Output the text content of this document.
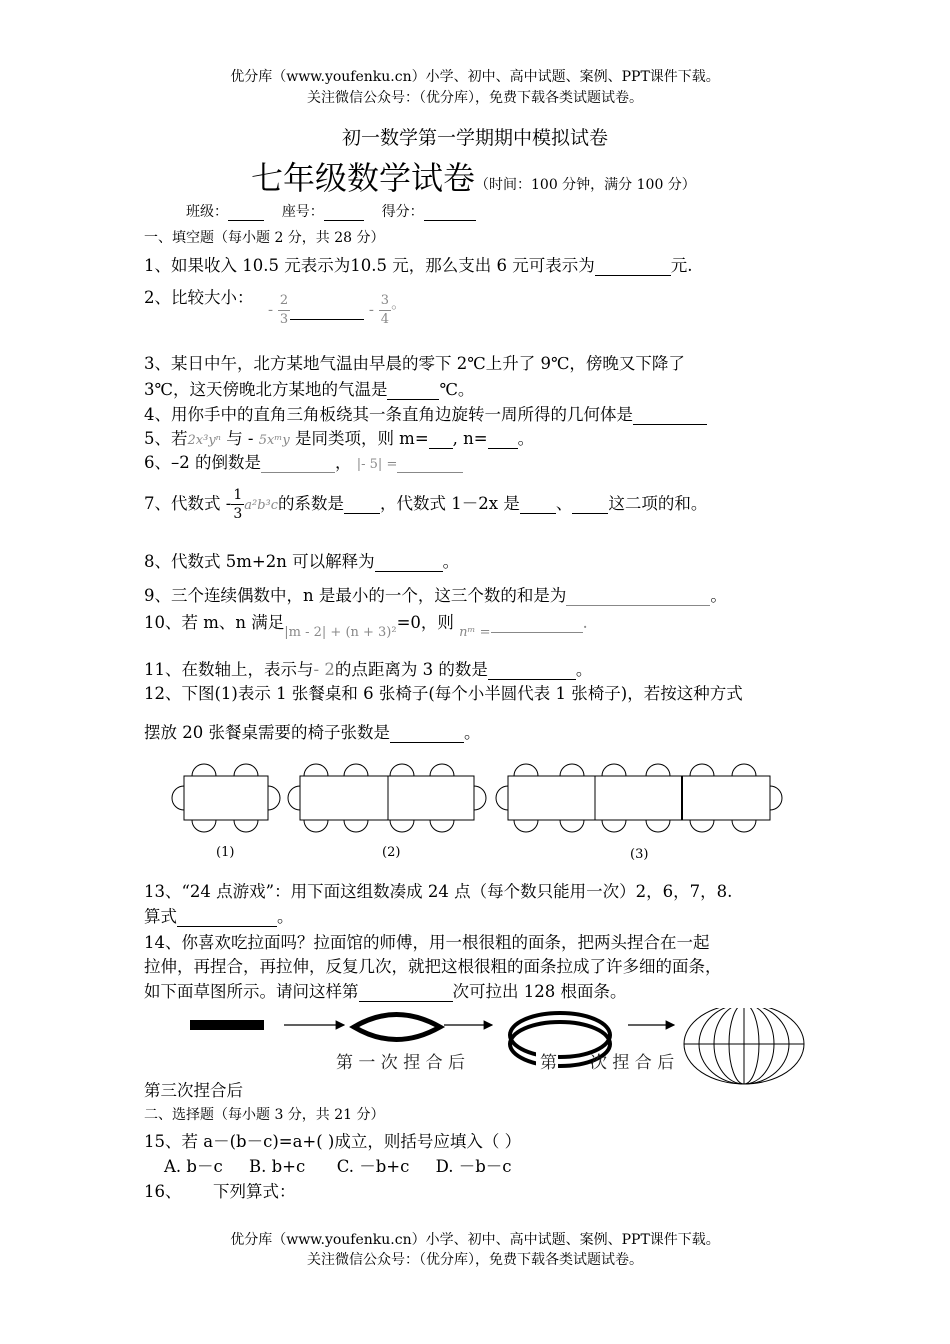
优分库（www.youfenku.cn）小学、初中、高中试题、案例、PPT课件下载。
关注微信公众号：（优分库），免费下载各类试题试卷。
初一数学第一学期期中模拟试卷
七年级数学试卷（时间：100 分钟，满分 100 分）
班级：	座号：	得分：
一、填空题（每小题 2 分，共 28 分）
1、如果收入 10.5 元表示为10.5 元，那么支出 6 元可表示为	元.
2、比较大小：
- $\frac{2}{3}$	- $\frac{3}{4}$ 。
3、某日中午，北方某地气温由早晨的零下 2℃上升了 9℃，傍晚又下降了
3℃，这天傍晚北方某地的气温是	℃。
4、用你手中的直角三角板绕其一条直角边旋转一周所得的几何体是
5、若2x³yⁿ 与 - 5xᵐy 是同类项，则 m= , n= 。
6、–2 的倒数是	， |- 5| =
7、代数式 - $\frac{1}{3} a^2b^3c$的系数是 ，代数式 1－2x 是 、 这二项的和。
8、代数式 5m+2n 可以解释为	。
9、三个连续偶数中，n 是最小的一个，这三个数的和是为	。
10、若 m、n 满足$_{|m - 2| + (n + 3)^2}$=0，则 $_{nᵐ =}$ .
11、在数轴上，表示与- 2的点距离为 3 的数是	。
12、下图(1)表示 1 张餐桌和 6 张椅子(每个小半圆代表 1 张椅子)，若按这种方式
摆放 20 张餐桌需要的椅子张数是	。
(1)	(2)	(3)
13、“24 点游戏”：用下面这组数凑成 24 点（每个数只能用一次）2，6，7，8.
算式	。
14、你喜欢吃拉面吗？拉面馆的师傅，用一根很粗的面条，把两头捏合在一起
拉伸，再捏合，再拉伸，反复几次，就把这根很粗的面条拉成了许多细的面条，
如下面草图所示。请问这样第	次可拉出 128 根面条。
第 一 次 捏 合 后	第 次 捏 合 后
第三次捏合后
二、选择题（每小题 3 分，共 21 分）
15、若 a－(b－c)=a+( )成立，则括号应填入（ ）
A. b－c B. b+c C. －b+c D. －b－c
16、      下列算式：
优分库（www.youfenku.cn）小学、初中、高中试题、案例、PPT课件下载。
关注微信公众号：（优分库），免费下载各类试题试卷。
